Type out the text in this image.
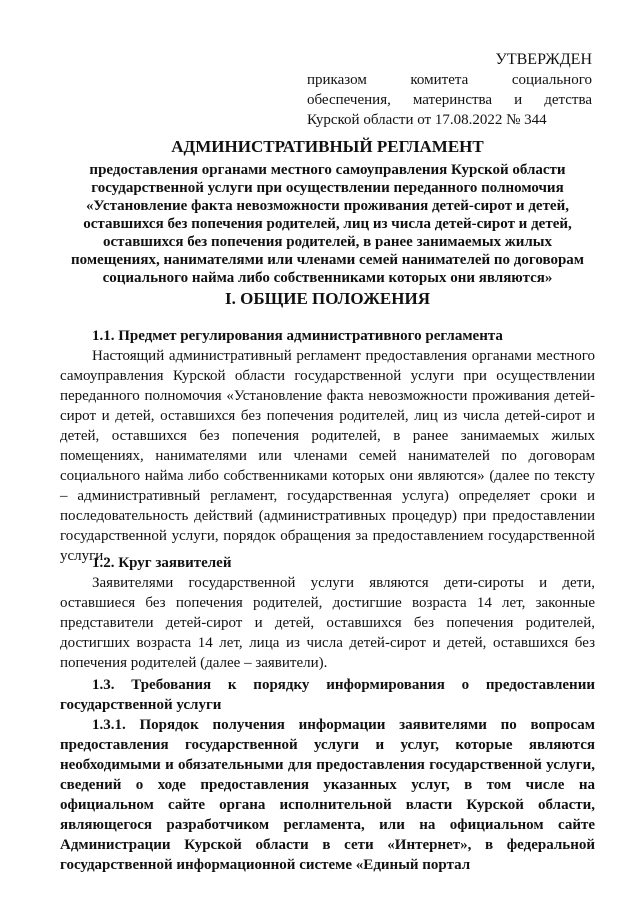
УТВЕРЖДЕН
приказом комитета социального
обеспечения, материнства и детства
Курской области от 17.08.2022 № 344
АДМИНИСТРАТИВНЫЙ РЕГЛАМЕНТ
предоставления органами местного самоуправления Курской области государственной услуги при осуществлении переданного полномочия «Установление факта невозможности проживания детей-сирот и детей, оставшихся без попечения родителей, лиц из числа детей-сирот и детей, оставшихся без попечения родителей, в ранее занимаемых жилых помещениях, нанимателями или членами семей нанимателей по договорам социального найма либо собственниками которых они являются»
I. ОБЩИЕ ПОЛОЖЕНИЯ

1.1. Предмет регулирования административного регламента

Настоящий административный регламент предоставления органами местного самоуправления Курской области государственной услуги при осуществлении переданного полномочия «Установление факта невозможности проживания детей-сирот и детей, оставшихся без попечения родителей, лиц из числа детей-сирот и детей, оставшихся без попечения родителей, в ранее занимаемых жилых помещениях, нанимателями или членами семей нанимателей по договорам социального найма либо собственниками которых они являются» (далее по тексту – административный регламент, государственная услуга) определяет сроки и последовательность действий (административных процедур) при предоставлении государственной услуги, порядок обращения за предоставлением государственной услуги.

1.2. Круг заявителей

Заявителями государственной услуги являются дети-сироты и дети, оставшиеся без попечения родителей, достигшие возраста 14 лет, законные представители детей-сирот и детей, оставшихся без попечения родителей, достигших возраста 14 лет, лица из числа детей-сирот и детей, оставшихся без попечения родителей (далее – заявители).

1.3. Требования к порядку информирования о предоставлении государственной услуги

1.3.1. Порядок получения информации заявителями по вопросам предоставления государственной услуги и услуг, которые являются необходимыми и обязательными для предоставления государственной услуги, сведений о ходе предоставления указанных услуг, в том числе на официальном сайте органа исполнительной власти Курской области, являющегося разработчиком регламента, или на официальном сайте Администрации Курской области в сети «Интернет», в федеральной государственной информационной системе «Единый портал
